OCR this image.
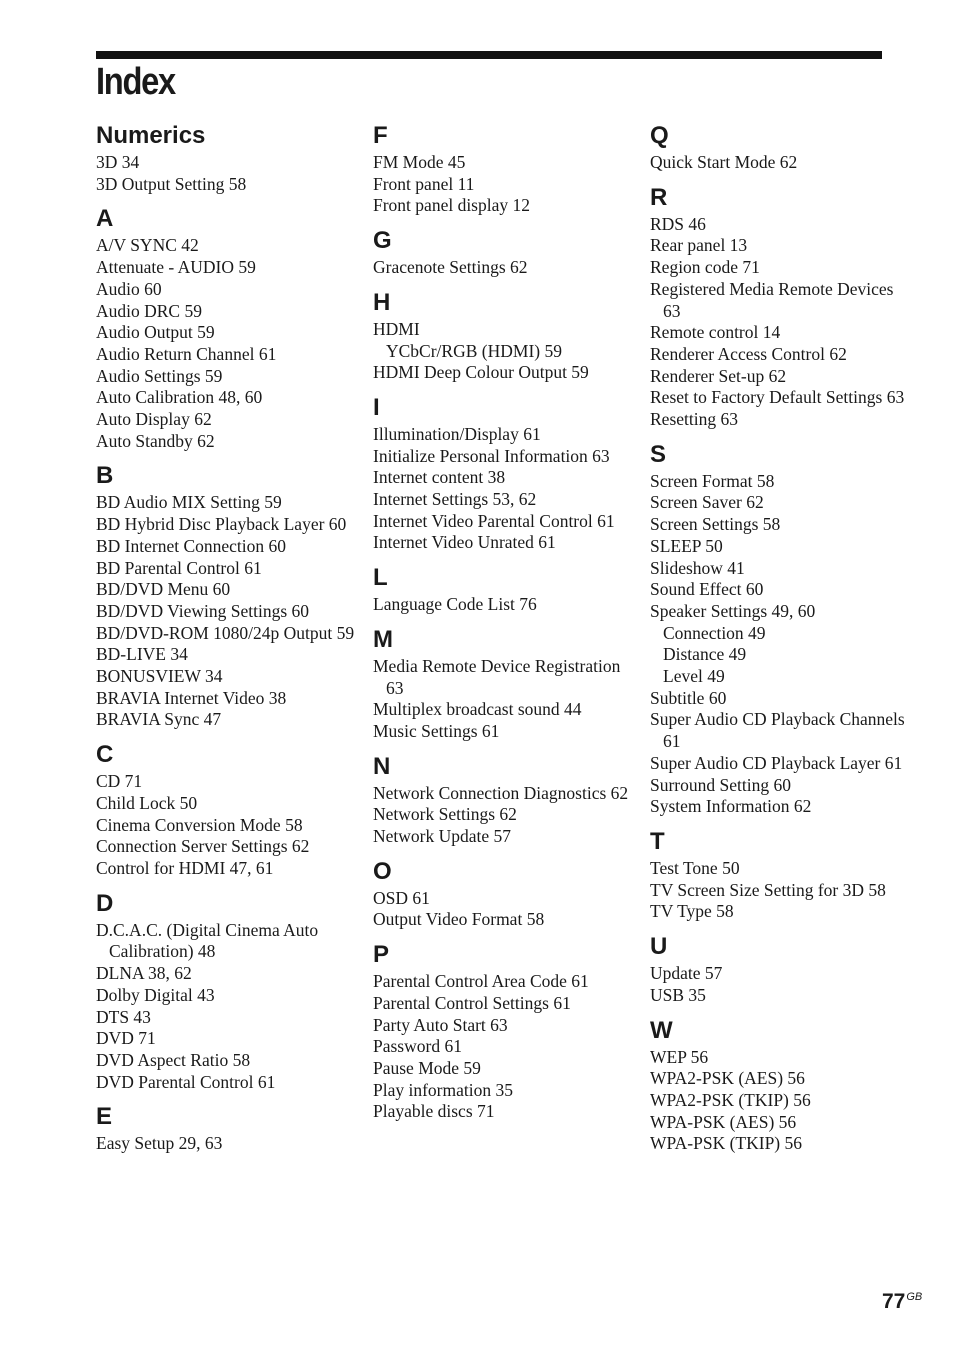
Index
Numerics
3D 34
3D Output Setting 58
A
A/V SYNC 42
Attenuate - AUDIO 59
Audio 60
Audio DRC 59
Audio Output 59
Audio Return Channel 61
Audio Settings 59
Auto Calibration 48, 60
Auto Display 62
Auto Standby 62
B
BD Audio MIX Setting 59
BD Hybrid Disc Playback Layer 60
BD Internet Connection 60
BD Parental Control 61
BD/DVD Menu 60
BD/DVD Viewing Settings 60
BD/DVD-ROM 1080/24p Output 59
BD-LIVE 34
BONUSVIEW 34
BRAVIA Internet Video 38
BRAVIA Sync 47
C
CD 71
Child Lock 50
Cinema Conversion Mode 58
Connection Server Settings 62
Control for HDMI 47, 61
D
D.C.A.C. (Digital Cinema Auto Calibration) 48
DLNA 38, 62
Dolby Digital 43
DTS 43
DVD 71
DVD Aspect Ratio 58
DVD Parental Control 61
E
Easy Setup 29, 63
F
FM Mode 45
Front panel 11
Front panel display 12
G
Gracenote Settings 62
H
HDMI
YCbCr/RGB (HDMI) 59
HDMI Deep Colour Output 59
I
Illumination/Display 61
Initialize Personal Information 63
Internet content 38
Internet Settings 53, 62
Internet Video Parental Control 61
Internet Video Unrated 61
L
Language Code List 76
M
Media Remote Device Registration 63
Multiplex broadcast sound 44
Music Settings 61
N
Network Connection Diagnostics 62
Network Settings 62
Network Update 57
O
OSD 61
Output Video Format 58
P
Parental Control Area Code 61
Parental Control Settings 61
Party Auto Start 63
Password 61
Pause Mode 59
Play information 35
Playable discs 71
Q
Quick Start Mode 62
R
RDS 46
Rear panel 13
Region code 71
Registered Media Remote Devices 63
Remote control 14
Renderer Access Control 62
Renderer Set-up 62
Reset to Factory Default Settings 63
Resetting 63
S
Screen Format 58
Screen Saver 62
Screen Settings 58
SLEEP 50
Slideshow 41
Sound Effect 60
Speaker Settings 49, 60
Connection 49
Distance 49
Level 49
Subtitle 60
Super Audio CD Playback Channels 61
Super Audio CD Playback Layer 61
Surround Setting 60
System Information 62
T
Test Tone 50
TV Screen Size Setting for 3D 58
TV Type 58
U
Update 57
USB 35
W
WEP 56
WPA2-PSK (AES) 56
WPA2-PSK (TKIP) 56
WPA-PSK (AES) 56
WPA-PSK (TKIP) 56
$77^{GB}$
